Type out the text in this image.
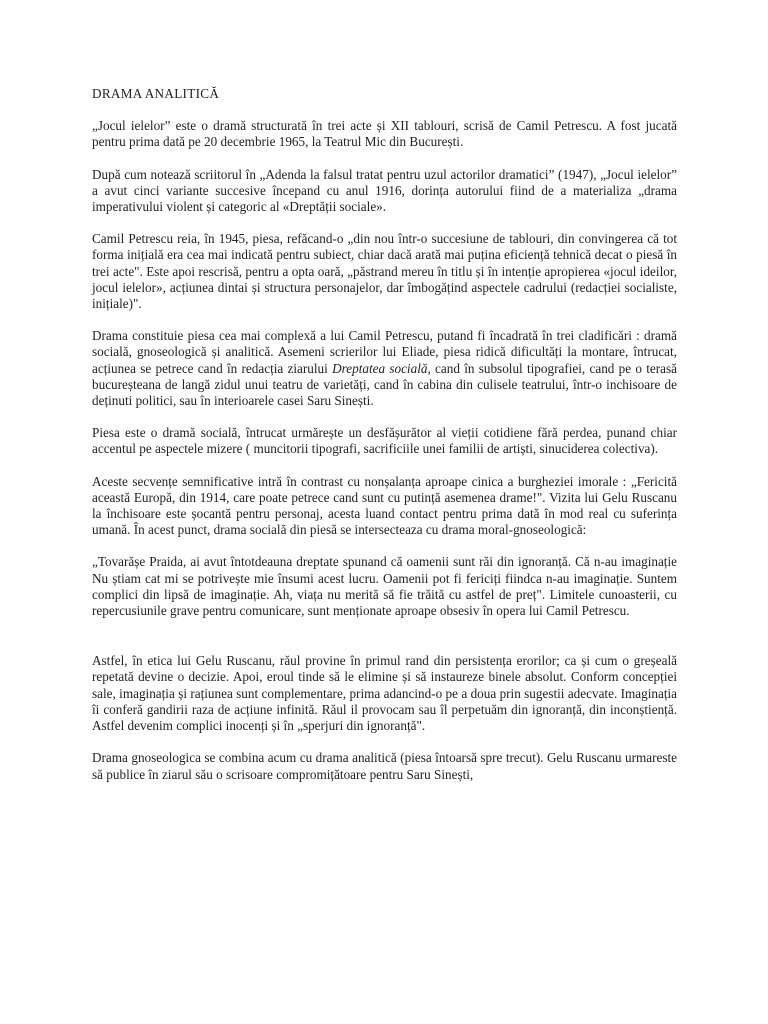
DRAMA ANALITICĂ

„Jocul ielelor” este o dramă structurată în trei acte și XII tablouri, scrisă de Camil Petrescu. A fost jucată pentru prima dată pe 20 decembrie 1965, la Teatrul Mic din București.

După cum notează scriitorul în „Adenda la falsul tratat pentru uzul actorilor dramatici” (1947), „Jocul ielelor” a avut cinci variante succesive începand cu anul 1916, dorința autorului fiind de a materializa „drama imperativului violent și categoric al «Dreptății sociale».

Camil Petrescu reia, în 1945, piesa, refăcand-o „din nou într-o succesiune de tablouri, din convingerea că tot forma inițială era cea mai indicată pentru subiect, chiar dacă arată mai puțina eficiență tehnică decat o piesă în trei acte". Este apoi rescrisă, pentru a opta oară, „păstrand mereu în titlu și în intenție apropierea «jocul ideilor, jocul ielelor», acțiunea dintai și structura personajelor, dar îmbogățind aspectele cadrului (redacției socialiste, inițiale)".

Drama constituie piesa cea mai complexă a lui Camil Petrescu, putand fi încadrată în trei cladificări : dramă socială, gnoseologică și analitică. Asemeni scrierilor lui Eliade, piesa ridică dificultăți la montare, întrucat, acțiunea se petrece cand în redacția ziarului Dreptatea socială, cand în subsolul tipografiei, cand pe o terasă bucureșteana de langă zidul unui teatru de varietăți, cand în cabina din culisele teatrului, într-o inchisoare de deținuti politici, sau în interioarele casei Saru Sinești.

Piesa este o dramă socială, întrucat urmărește un desfășurător al vieții cotidiene fără perdea, punand chiar accentul pe aspectele mizere ( muncitorii tipografi, sacrificiile unei familii de artiști, sinuciderea colectiva).

Aceste secvențe semnificative intră în contrast cu nonșalanța aproape cinica a burgheziei imorale : „Fericită această Europă, din 1914, care poate petrece cand sunt cu putință asemenea drame!". Vizita lui Gelu Ruscanu la închisoare este șocantă pentru personaj, acesta luand contact pentru prima dată în mod real cu suferința umană. În acest punct, drama socială din piesă se intersecteaza cu drama moral-gnoseologică:

„Tovarășe Praida, ai avut întotdeauna dreptate spunand că oamenii sunt răi din ignoranță. Că n-au imaginație Nu știam cat mi se potrivește mie însumi acest lucru. Oamenii pot fi fericiți fiindca n-au imaginație. Suntem complici din lipsă de imaginație. Ah, viața nu merită să fie trăită cu astfel de preț". Limitele cunoasterii, cu repercusiunile grave pentru comunicare, sunt menționate aproape obsesiv în opera lui Camil Petrescu.

Astfel, în etica lui Gelu Ruscanu, răul provine în primul rand din persistența erorilor; ca și cum o greșeală repetată devine o decizie. Apoi, eroul tinde să le elimine și să instaureze binele absolut. Conform concepției sale, imaginația și rațiunea sunt complementare, prima adancind-o pe a doua prin sugestii adecvate. Imaginația îi conferă gandirii raza de acțiune infinită. Răul il provocam sau îl perpetuăm din ignoranță, din inconștiență. Astfel devenim complici inocenți și în „sperjuri din ignoranță".

Drama gnoseologica se combina acum cu drama analitică (piesa întoarsă spre trecut). Gelu Ruscanu urmareste să publice în ziarul său o scrisoare compromițătoare pentru Saru Sinești,
